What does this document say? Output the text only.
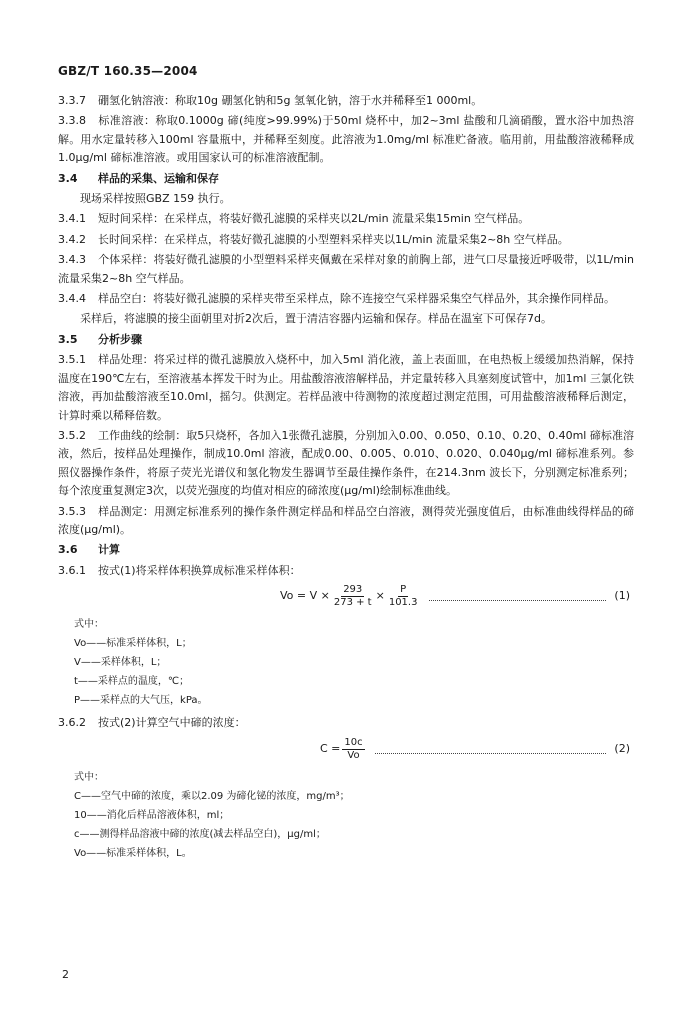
GBZ/T 160.35—2004

3.3.7 硼氢化钠溶液：称取10g 硼氢化钠和5g 氢氧化钠，溶于水并稀释至1 000ml。

3.3.8 标准溶液：称取0.1000g 碲(纯度>99.99%)于50ml 烧杯中，加2~3ml 盐酸和几滴硝酸，置水浴中加热溶解。用水定量转移入100ml 容量瓶中，并稀释至刻度。此溶液为1.0mg/ml 标准贮备液。临用前，用盐酸溶液稀释成1.0μg/ml 碲标准溶液。或用国家认可的标准溶液配制。

3.4 样品的采集、运输和保存

现场采样按照GBZ 159 执行。

3.4.1 短时间采样：在采样点，将装好微孔滤膜的采样夹以2L/min 流量采集15min 空气样品。

3.4.2 长时间采样：在采样点，将装好微孔滤膜的小型塑料采样夹以1L/min 流量采集2~8h 空气样品。

3.4.3 个体采样：将装好微孔滤膜的小型塑料采样夹佩戴在采样对象的前胸上部，进气口尽量接近呼吸带，以1L/min 流量采集2~8h 空气样品。

3.4.4 样品空白：将装好微孔滤膜的采样夹带至采样点，除不连接空气采样器采集空气样品外，其余操作同样品。

采样后，将滤膜的接尘面朝里对折2次后，置于清洁容器内运输和保存。样品在温室下可保存7d。

3.5 分析步骤

3.5.1 样品处理：将采过样的微孔滤膜放入烧杯中，加入5ml 消化液，盖上表面皿，在电热板上缓缓加热消解，保持温度在190℃左右，至溶液基本挥发干时为止。用盐酸溶液溶解样品，并定量转移入具塞刻度试管中，加1ml 三氯化铁溶液，再加盐酸溶液至10.0ml，摇匀。供测定。若样品液中待测物的浓度超过测定范围，可用盐酸溶液稀释后测定，计算时乘以稀释倍数。

3.5.2 工作曲线的绘制：取5只烧杯，各加入1张微孔滤膜，分别加入0.00、0.050、0.10、0.20、0.40ml 碲标准溶液，然后，按样品处理操作，制成10.0ml 溶液，配成0.00、0.005、0.010、0.020、0.040μg/ml 碲标准系列。参照仪器操作条件，将原子荧光光谱仪和氢化物发生器调节至最佳操作条件，在214.3nm 波长下，分别测定标准系列；每个浓度重复测定3次，以荧光强度的均值对相应的碲浓度(μg/ml)绘制标准曲线。

3.5.3 样品测定：用测定标准系列的操作条件测定样品和样品空白溶液，测得荧光强度值后，由标准曲线得样品的碲浓度(μg/ml)。

3.6 计算

3.6.1 按式(1)将采样体积换算成标准采样体积：

$Vo = V \times \frac{293}{273 + t} \times \frac{P}{101.3}$	(1)
式中：
Vo——标准采样体积，L；
V——采样体积，L；
t——采样点的温度，℃；
P——采样点的大气压，kPa。

3.6.2 按式(2)计算空气中碲的浓度：

$C = \frac{10c}{Vo}$	(2)
式中：
C——空气中碲的浓度，乘以2.09 为碲化铋的浓度，mg/m³；
10——消化后样品溶液体积，ml；
c——测得样品溶液中碲的浓度(减去样品空白)，μg/ml；
Vo——标准采样体积，L。
2
